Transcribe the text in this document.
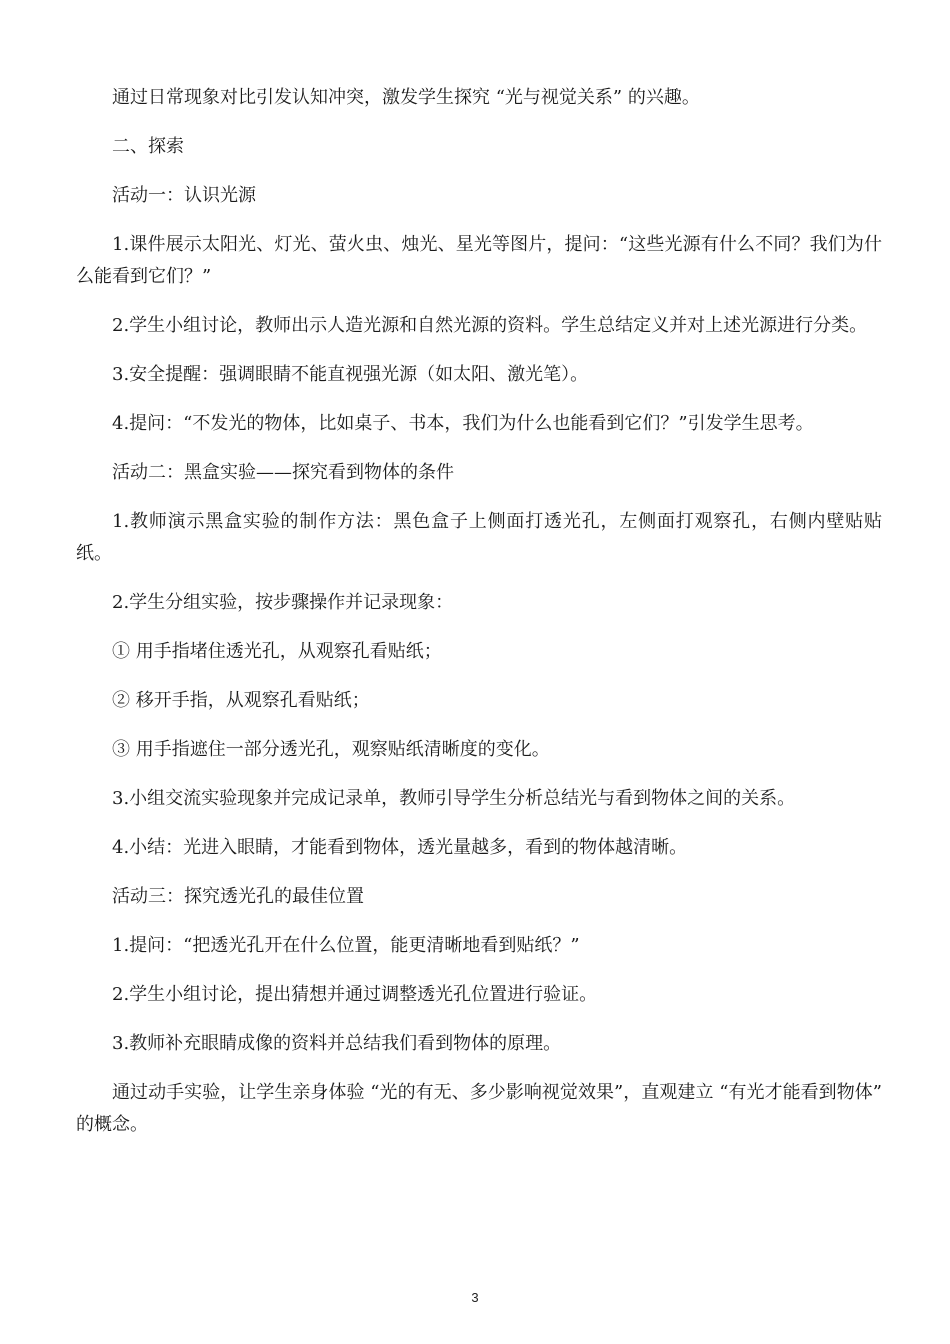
通过日常现象对比引发认知冲突，激发学生探究 “光与视觉关系” 的兴趣。

二、探索

活动一：认识光源

1.课件展示太阳光、灯光、萤火虫、烛光、星光等图片，提问：“这些光源有什么不同？我们为什么能看到它们？”

2.学生小组讨论，教师出示人造光源和自然光源的资料。学生总结定义并对上述光源进行分类。

3.安全提醒：强调眼睛不能直视强光源（如太阳、激光笔）。

4.提问：“不发光的物体，比如桌子、书本，我们为什么也能看到它们？”引发学生思考。

活动二：黑盒实验——探究看到物体的条件

1.教师演示黑盒实验的制作方法：黑色盒子上侧面打透光孔，左侧面打观察孔，右侧内壁贴贴纸。

2.学生分组实验，按步骤操作并记录现象：

① 用手指堵住透光孔，从观察孔看贴纸；

② 移开手指，从观察孔看贴纸；

③ 用手指遮住一部分透光孔，观察贴纸清晰度的变化。

3.小组交流实验现象并完成记录单，教师引导学生分析总结光与看到物体之间的关系。

4.小结：光进入眼睛，才能看到物体，透光量越多，看到的物体越清晰。

活动三：探究透光孔的最佳位置

1.提问：“把透光孔开在什么位置，能更清晰地看到贴纸？”

2.学生小组讨论，提出猜想并通过调整透光孔位置进行验证。

3.教师补充眼睛成像的资料并总结我们看到物体的原理。

通过动手实验，让学生亲身体验 “光的有无、多少影响视觉效果”，直观建立 “有光才能看到物体” 的概念。

3
